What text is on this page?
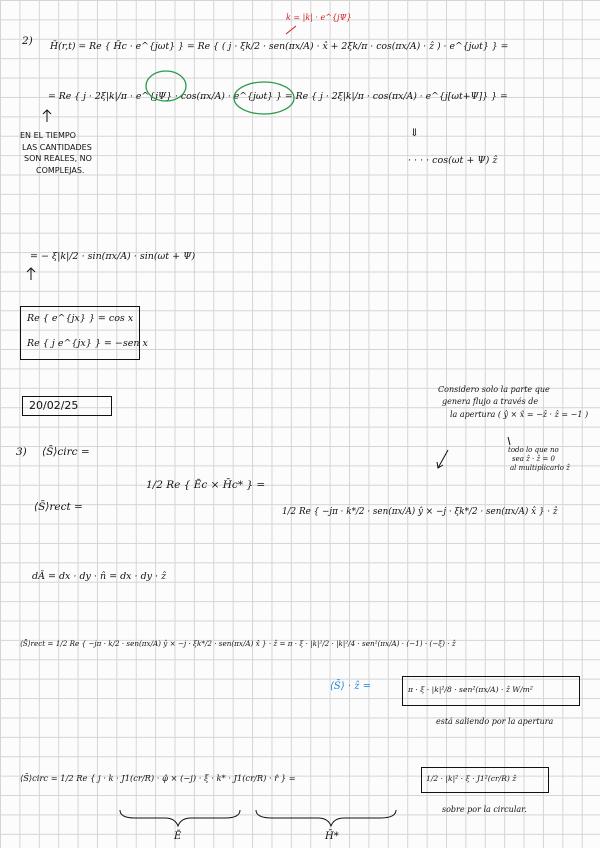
2)
k = |k| · e^{jΨ}
H̄(r,t) = Re { H̄c · e^{jωt} } = Re { ( j · ξk/2 · sen(πx/A) · x̂ + 2ξk/π · cos(πx/A) · ẑ ) · e^{jωt} } =
= Re { j · 2ξ|k|/π · e^{jΨ} · cos(πx/A) · e^{jωt} } = Re { j · 2ξ|k|/π · cos(πx/A) · e^{j[ωt+Ψ]} } =
EN EL TIEMPO
LAS CANTIDADES
SON REALES, NO
COMPLEJAS.
⇓
· · · · cos(ωt + Ψ) ẑ
= − ξ|k|/2 · sin(πx/A) · sin(ωt + Ψ)
Re { e^{jx} } = cos x
Re { j e^{jx} } = −sen x
20/02/25
3) ⟨S̄⟩circ =
⟨S̄⟩rect =
1/2 Re { Ēc × H̄c* } =
1/2 Re { −jπ · k*/2 · sen(πx/A) ŷ × −j · ξk*/2 · sen(πx/A) x̂ } · ẑ
Considero solo la parte que
genera flujo a través de
la apertura ( ŷ × x̂ = −ẑ · ẑ = −1 )
todo lo que no
sea ẑ · ẑ = 0
al multiplicarlo ẑ
dĀ = dx · dy · n̂ = dx · dy · ẑ
⟨S̄⟩rect = 1/2 Re { −jπ · k/2 · sen(πx/A) ŷ × −j · ξk*/2 · sen(πx/A) x̂ } · ẑ = π · ξ · |k|²/2 · |k|²/4 · sen²(πx/A) · (−1) · (−ξ) · ẑ
⟨S̄⟩ · ẑ =	π · ξ · |k|²/8 · sen²(πx/A) · ẑ W/m²
está saliendo por la apertura
⟨S̄⟩circ = 1/2 Re { j · k · J1(cr/R) · φ̂ × (−j) · ξ · k* · J1(cr/R) · r̂ } =	1/2 · |k|² · ξ · J1²(cr/R) ẑ
sobre por la circular.
Ē	H̄*
